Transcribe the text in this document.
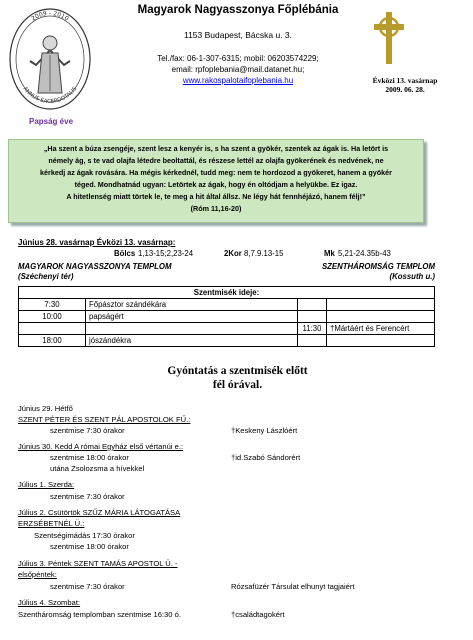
2009 - 2010
ANNUS SACERDOTALIS
Magyarok Nagyasszonya Főplébánia
1153 Budapest, Bácska u. 3.
Tel./fax: 06-1-307-6315; mobil: 06203574229;
email: rpfoplebania@mail.datanet.hu;
www.rakospalotaifoplebania.hu	Évközi 13. vasárnap
2009. 06. 28.
Papság éve
„Ha szent a búza zsengéje, szent lesz a kenyér is, s ha szent a gyökér, szentek az ágak is. Ha letört is
némely ág, s te vad olajfa létedre beoltattál, és részese lettél az olajfa gyökerének és nedvének, ne
kérkedj az ágak rovására. Ha mégis kérkednél, tudd meg: nem te hordozod a gyökeret, hanem a gyökér
téged. Mondhatnád ugyan: Letörtek az ágak, hogy én oltódjam a helyükbe. Ez igaz.
A hitetlenség miatt törtek le, te meg a hit által állsz. Ne légy hát fennhéjázó, hanem félj!”
(Róm 11,16-20)
Június 28. vasárnap Évközi 13. vasárnap:
Bölcs 1,13-15;2,23-24	2Kor 8,7.9.13-15	Mk 5,21-24.35b-43
MAGYAROK NAGYASSZONYA TEMPLOM
(Széchenyi tér)
SZENTHÁROMSÁG TEMPLOM
(Kossuth u.)
Szentmisék ideje:			
7:30	Főpásztor szándékára		
10:00	papságért		
		11:30	†Mártáért és Ferencért
18:00	jószándékra		
Gyóntatás a szentmisék előtt
fél órával.
Június 29. Hétfő
SZENT PÉTER ÉS SZENT PÁL APOSTOLOK FŰ.:
szentmise 7:30 órakor	†Keskeny Lászlóért
Június 30. Kedd A római Egyház első vértanúi e.:
szentmise 18:00 órakor	†id.Szabó Sándorért
utána Zsolozsma a hívekkel
Július 1. Szerda:
szentmise 7:30 órakor
Július 2. Csütörtök SZŰZ MÁRIA LÁTOGATÁSA
ERZSÉBETNÉL Ü.:
Szentségimádás 17:30 órakor
szentmise 18:00 órakor
Július 3. Péntek SZENT TAMÁS APOSTOL Ü. -
elsőpéntek:
szentmise 7:30 órakor	Rózsafüzér Társulat elhunyt tagjaiért
Július 4. Szombat:
Szentháromság templomban szentmise 16:30 ó.	†családtagokért
